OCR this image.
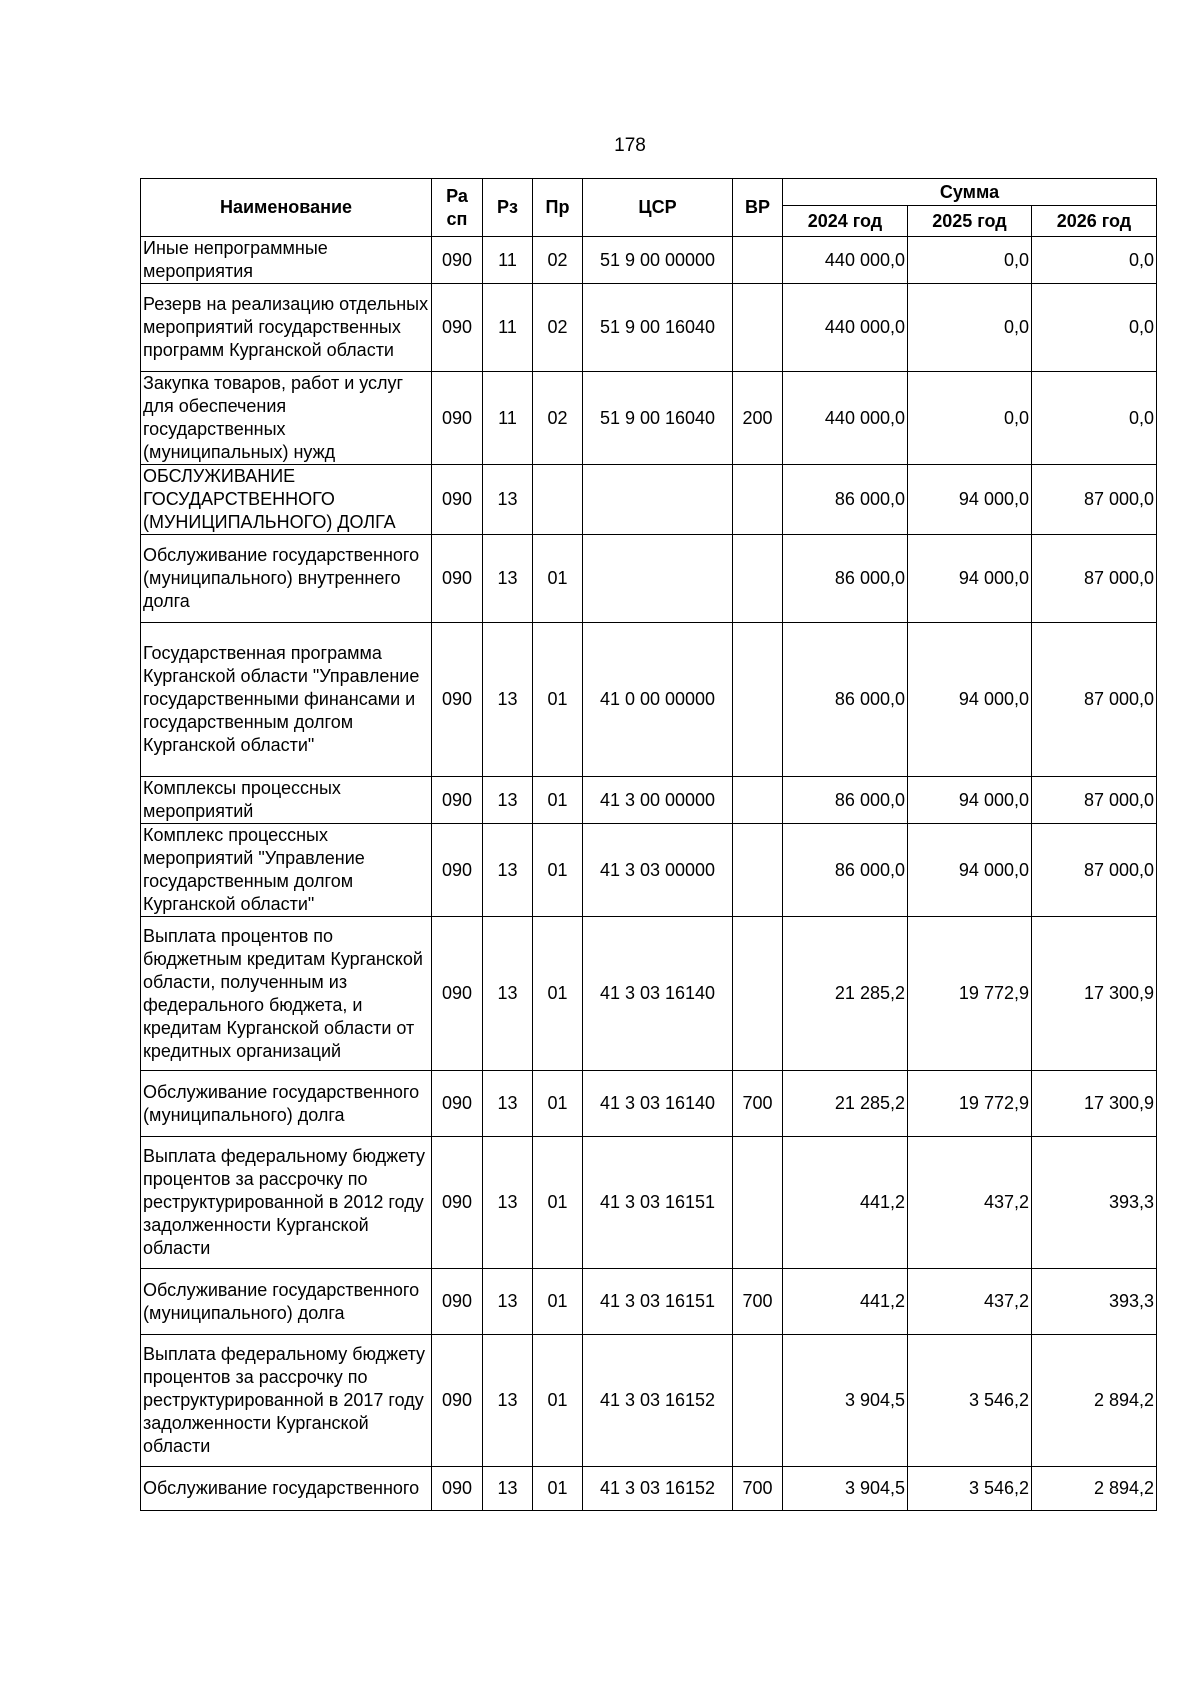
178
Наименование	Ра сп	Рз	Пр	ЦСР	ВР	Сумма		
						2024 год	2025 год	2026 год
Иные непрограммные мероприятия	090	11	02	51 9 00 00000		440 000,0	0,0	0,0
Резерв на реализацию отдельных мероприятий государственных программ Курганской области	090	11	02	51 9 00 16040		440 000,0	0,0	0,0
Закупка товаров, работ и услуг для обеспечения государственных (муниципальных) нужд	090	11	02	51 9 00 16040	200	440 000,0	0,0	0,0
ОБСЛУЖИВАНИЕ ГОСУДАРСТВЕННОГО (МУНИЦИПАЛЬНОГО) ДОЛГА	090	13				86 000,0	94 000,0	87 000,0
Обслуживание государственного (муниципального) внутреннего долга	090	13	01			86 000,0	94 000,0	87 000,0
Государственная программа Курганской области "Управление государственными финансами и государственным долгом Курганской области"	090	13	01	41 0 00 00000		86 000,0	94 000,0	87 000,0
Комплексы процессных мероприятий	090	13	01	41 3 00 00000		86 000,0	94 000,0	87 000,0
Комплекс процессных мероприятий "Управление государственным долгом Курганской области"	090	13	01	41 3 03 00000		86 000,0	94 000,0	87 000,0
Выплата процентов по бюджетным кредитам Курганской области, полученным из федерального бюджета, и кредитам Курганской области от кредитных организаций	090	13	01	41 3 03 16140		21 285,2	19 772,9	17 300,9
Обслуживание государственного (муниципального) долга	090	13	01	41 3 03 16140	700	21 285,2	19 772,9	17 300,9
Выплата федеральному бюджету процентов за рассрочку по реструктурированной в 2012 году задолженности Курганской области	090	13	01	41 3 03 16151		441,2	437,2	393,3
Обслуживание государственного (муниципального) долга	090	13	01	41 3 03 16151	700	441,2	437,2	393,3
Выплата федеральному бюджету процентов за рассрочку по реструктурированной в 2017 году задолженности Курганской области	090	13	01	41 3 03 16152		3 904,5	3 546,2	2 894,2
Обслуживание государственного	090	13	01	41 3 03 16152	700	3 904,5	3 546,2	2 894,2
